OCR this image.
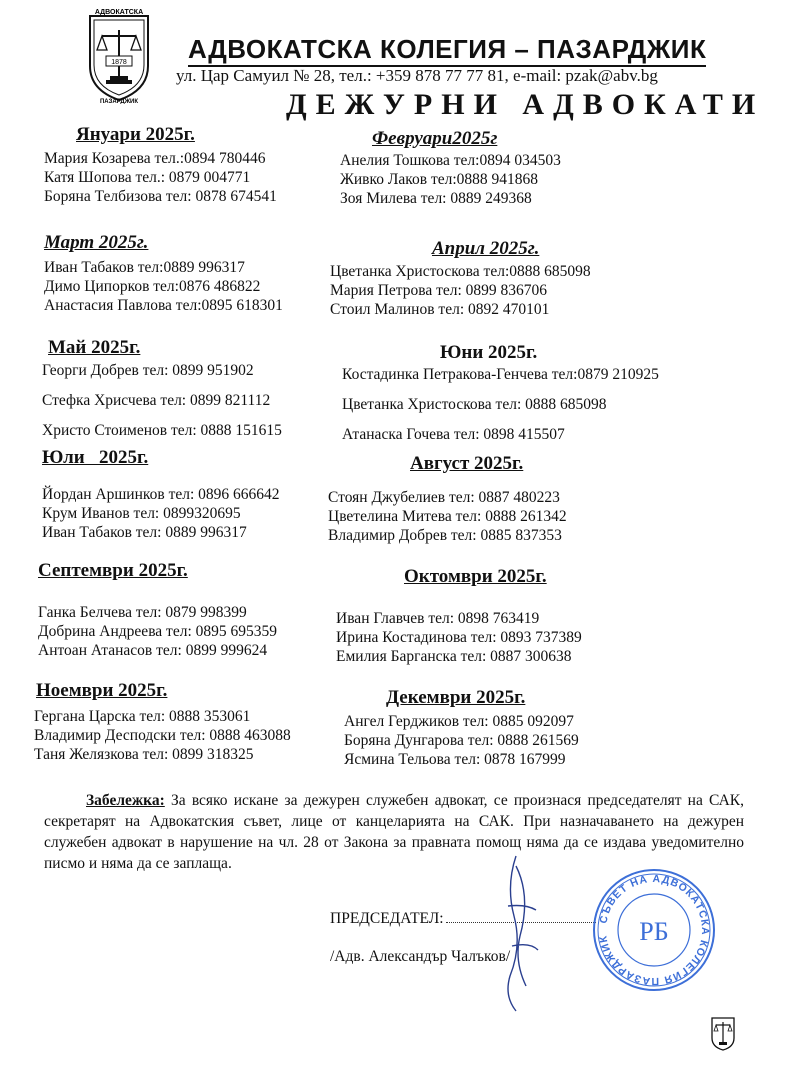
АДВОКАТСКА
ПАЗАРДЖИК
1878 АДВОКАТСКА КОЛЕГИЯ – ПАЗАРДЖИК
ул. Цар Самуил № 28, тел.: +359 878 77 77 81, e-mail: pzak@abv.bg
ДЕЖУРНИ АДВОКАТИ
Януари 2025г.
Мария Козарева тел.:0894 780446
Катя Шопова тел.: 0879 004771
Боряна Телбизова тел: 0878 674541
Февруари2025г
Анелия Тошкова тел:0894 034503
Живко Лаков тел:0888 941868
Зоя Милева тел: 0889 249368
Март 2025г.
Иван Табаков тел:0889 996317
Димо Ципорков тел:0876 486822
Анастасия Павлова тел:0895 618301
Април 2025г.
Цветанка Христоскова тел:0888 685098
Мария Петрова тел: 0899 836706
Стоил Малинов тел: 0892 470101
Май 2025г.
Георги Добрев тел: 0899 951902
Стефка Хрисчева тел: 0899 821112
Христо Стоименов тел: 0888 151615
Юни 2025г.
Костадинка Петракова-Генчева тел:0879 210925
Цветанка Христоскова тел: 0888 685098
Атанаска Гочева тел: 0898 415507
Юли   2025г.
Йордан Аршинков тел: 0896 666642
Крум Иванов тел: 0899320695
Иван Табаков тел: 0889 996317
Август 2025г.
Стоян Джубелиев тел: 0887 480223
Цветелина Митева тел: 0888 261342
Владимир Добрев тел: 0885 837353
Септември 2025г.
Ганка Белчева тел: 0879 998399
Добрина Андреева тел: 0895 695359
Антоан Атанасов тел: 0899 999624
Октомври 2025г.
Иван Главчев тел: 0898 763419
Ирина Костадинова тел: 0893 737389
Емилия Барганска тел: 0887 300638
Ноември 2025г.
Гергана Царска тел: 0888 353061
Владимир Десподски тел: 0888 463088
Таня Желязкова тел: 0899 318325
Декември 2025г.
Ангел Герджиков тел: 0885 092097
Боряна Дунгарова тел: 0888 261569
Ясмина Тельова тел: 0878 167999
Забележка: За всяко искане за дежурен служебен адвокат, се произнася председателят на САК, секретарят на Адвокатския съвет, лице от канцеларията на САК. При назначаването на дежурен служебен адвокат в нарушение на чл. 28 от Закона за правната помощ няма да се издава уведомително писмо и няма да се заплаща.
ПРЕДСЕДАТЕЛ:
/Адв. Александър Чалъков/
СЪВЕТ НА АДВОКАТСКА КОЛЕГИЯ ПАЗАРДЖИК	РБ
